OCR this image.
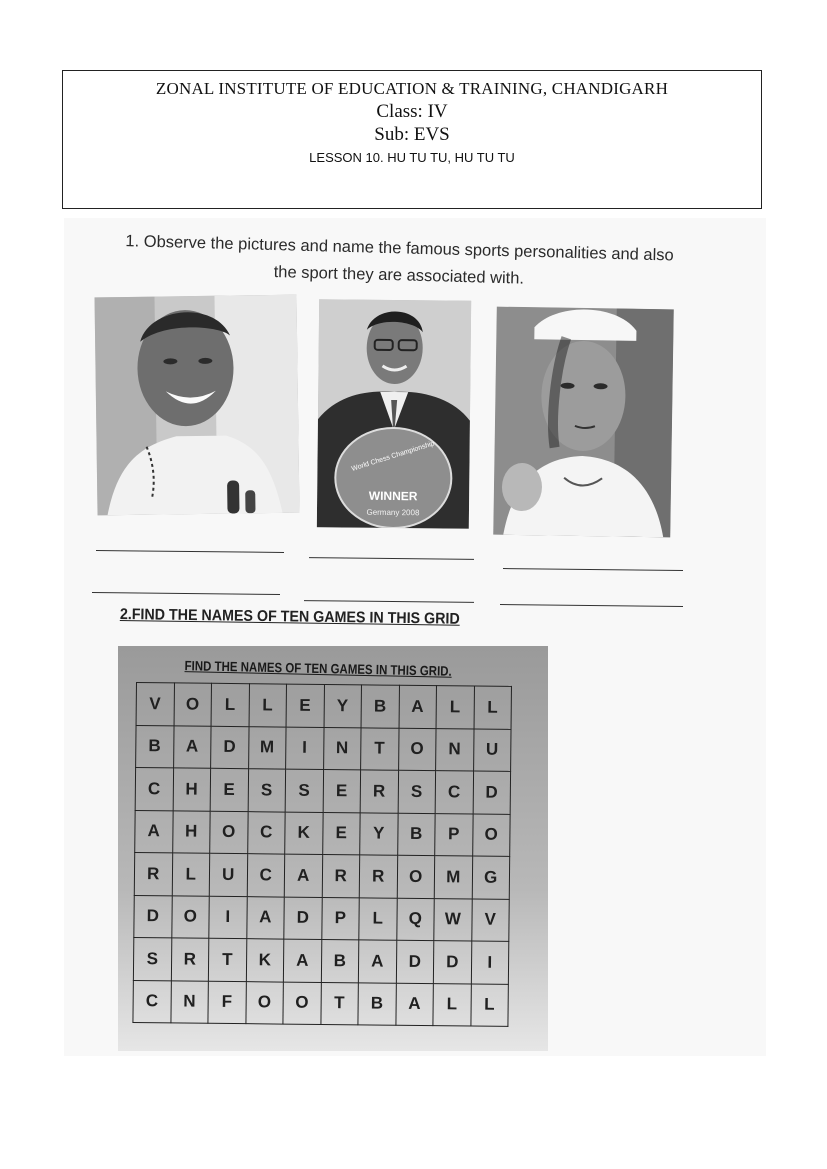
ZONAL INSTITUTE OF EDUCATION & TRAINING, CHANDIGARH
Class: IV
Sub: EVS
LESSON 10. HU TU TU, HU TU TU
1. Observe the pictures and name the famous sports personalities and also the sport they are associated with.
WINNER
Germany 2008
World Chess Championship
2.FIND THE NAMES OF TEN GAMES IN THIS GRID
FIND THE NAMES OF TEN GAMES IN THIS GRID.
V	O	L	L	E	Y	B	A	L	L
B	A	D	M	I	N	T	O	N	U
C	H	E	S	S	E	R	S	C	D
A	H	O	C	K	E	Y	B	P	O
R	L	U	C	A	R	R	O	M	G
D	O	I	A	D	P	L	Q	W	V
S	R	T	K	A	B	A	D	D	I
C	N	F	O	O	T	B	A	L	L
